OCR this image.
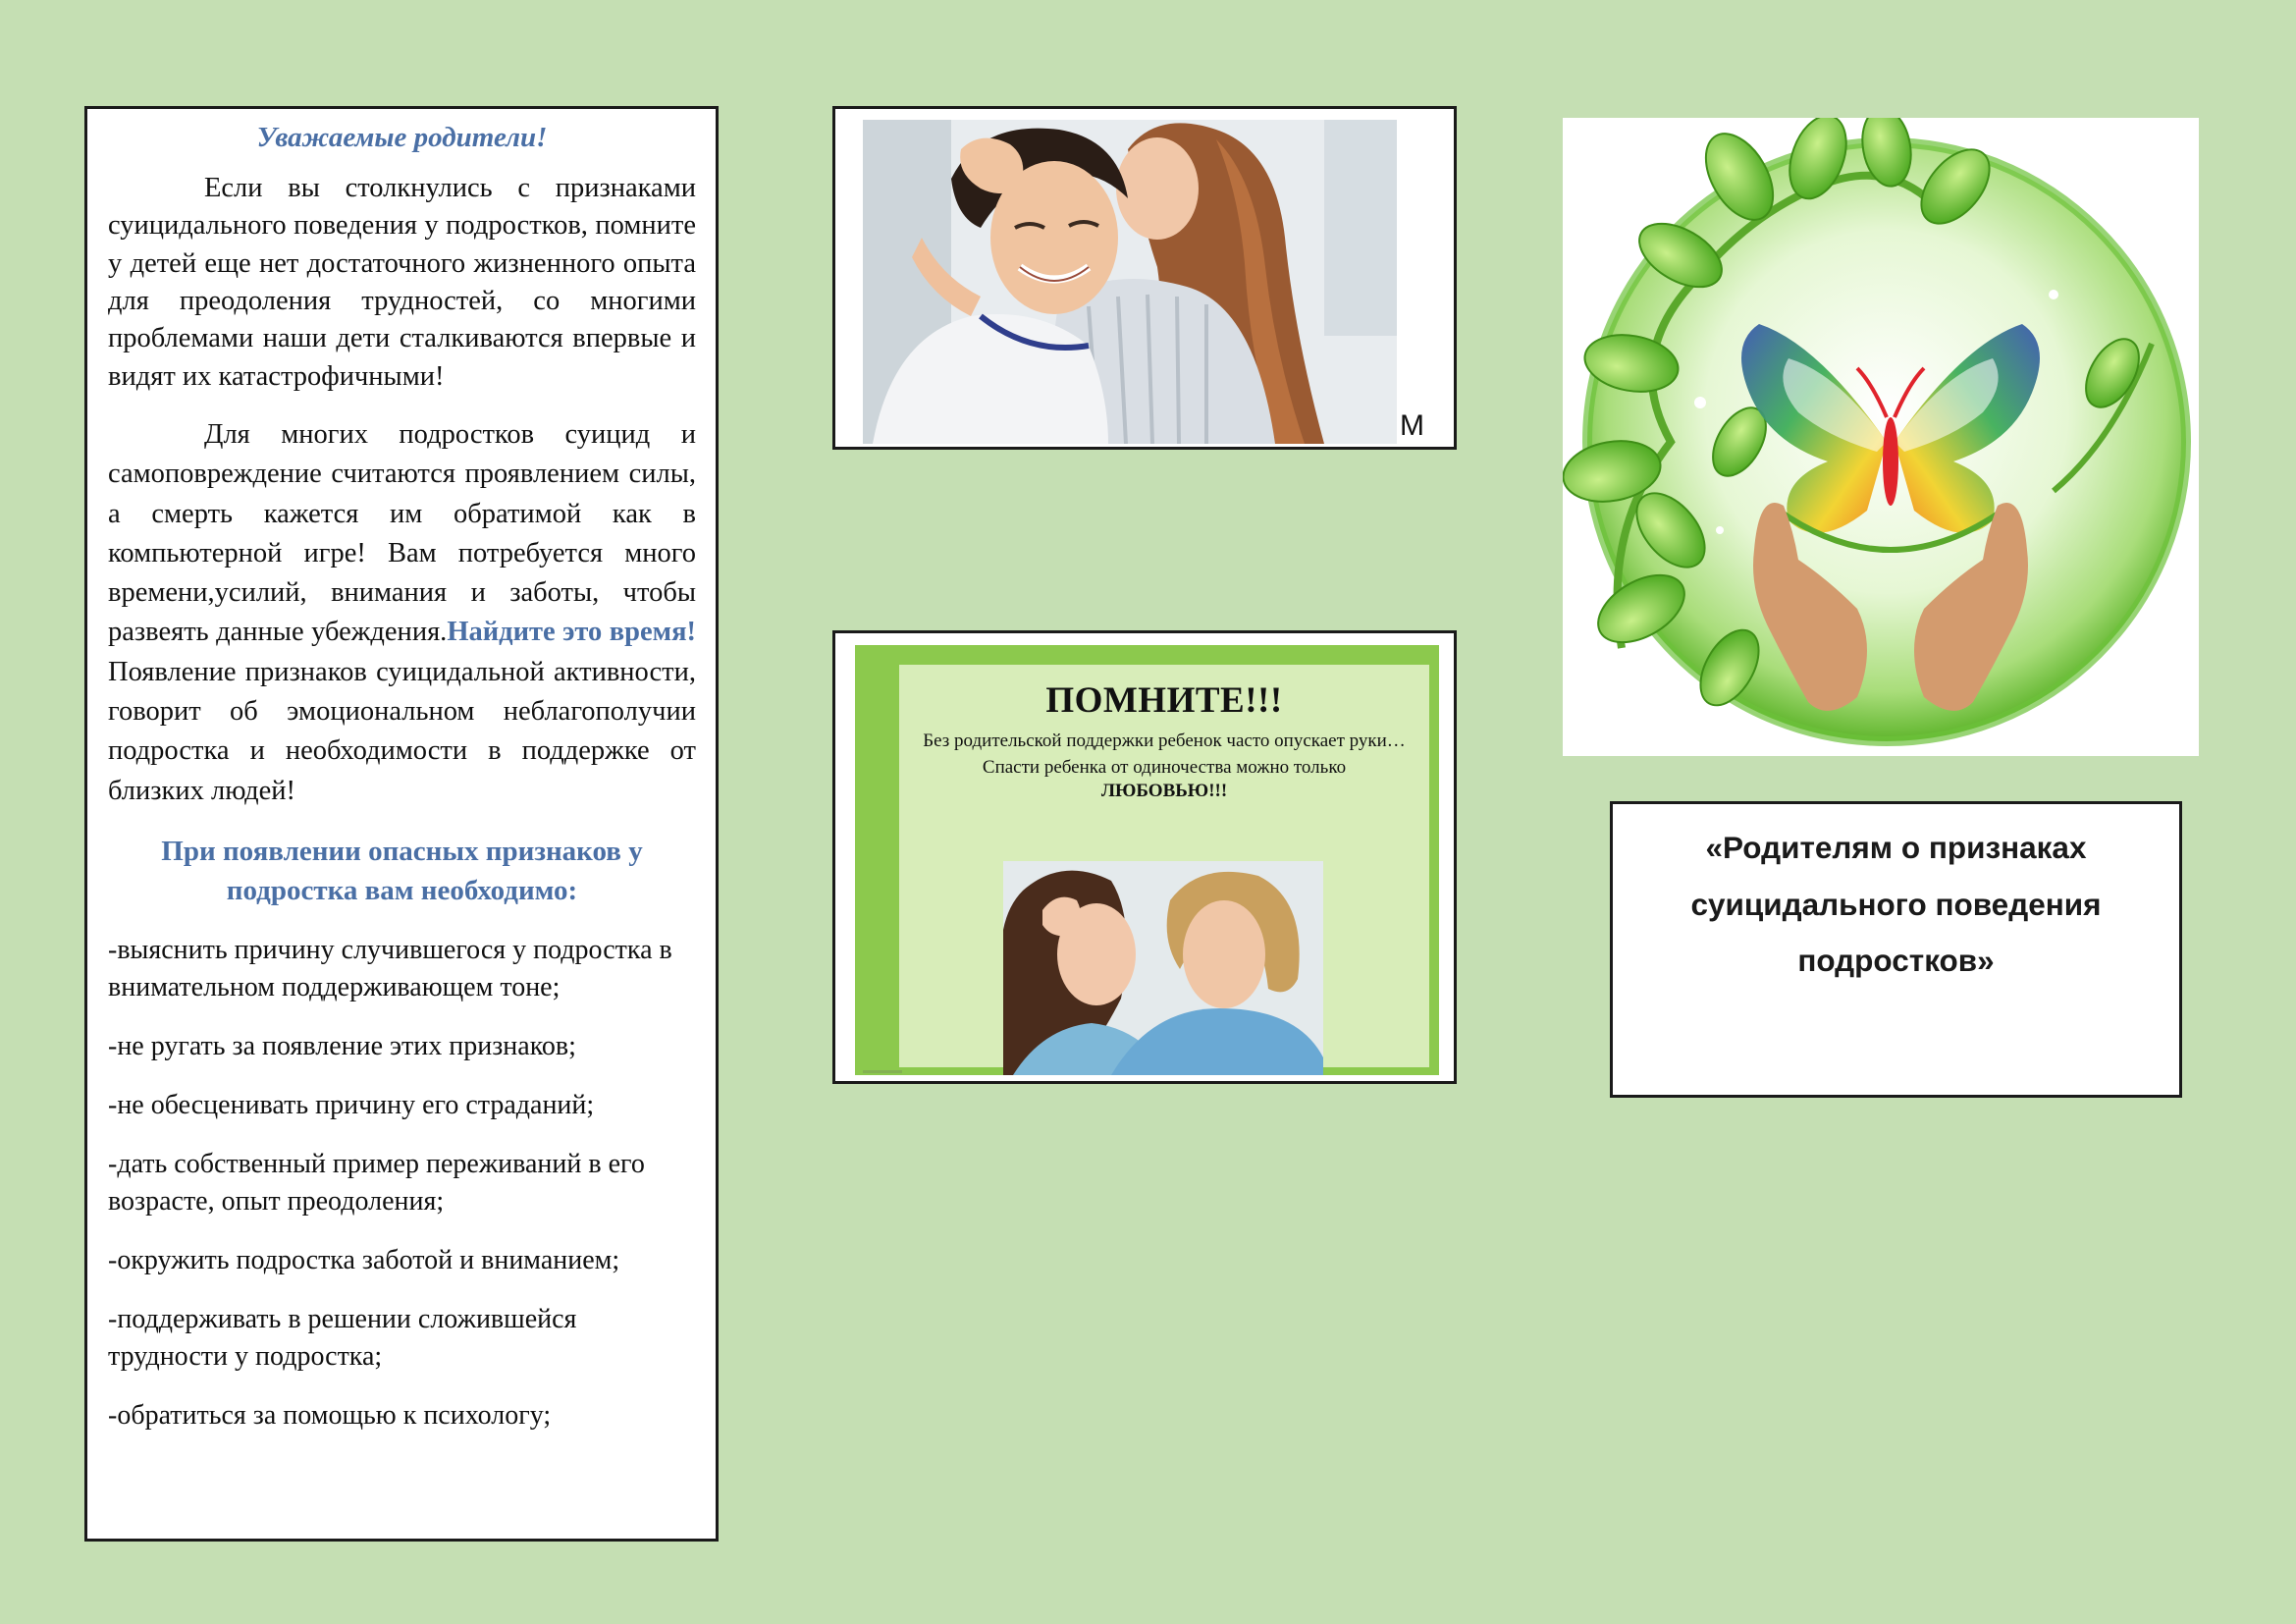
Уважаемые родители!

Если вы столкнулись с признаками суицидального поведения у подростков, помните у детей еще нет достаточного жизненного опыта для преодоления трудностей, со многими проблемами наши дети сталкиваются впервые и видят их катастрофичными!

Для многих подростков суицид и самоповреждение считаются проявлением силы, а смерть кажется им обратимой как в компьютерной игре! Вам потребуется много времени,усилий, внимания и заботы, чтобы развеять данные убеждения.Найдите это время! Появление признаков суицидальной активности, говорит об эмоциональном неблагополучии подростка и необходимости в поддержке от близких людей!

При появлении опасных признаков у подростка вам необходимо:

-выяснить причину случившегося у подростка в внимательном поддерживающем тоне;

-не ругать за появление этих признаков;

-не обесценивать причину его страданий;

-дать собственный пример переживаний в его возрасте, опыт преодоления;

-окружить подростка заботой и вниманием;

-поддерживать в решении сложившейся трудности у подростка;

-обратиться за помощью к психологу;

М
ПОМНИТЕ!!!
Без родительской поддержки ребенок часто опускает руки…
Спасти ребенка от одиночества можно только
ЛЮБОВЬЮ!!!
«Родителям о признаках суицидального поведения подростков»
